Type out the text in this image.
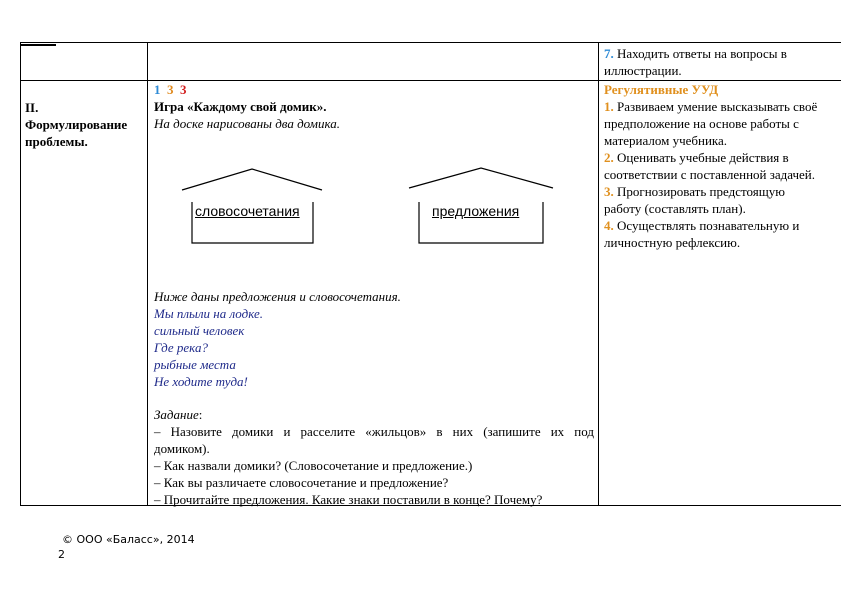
7. Находить ответы на вопросы в
иллюстрации.
II.
Формулирование
проблемы.
1 3 3
Игра «Каждому свой домик».
На доске нарисованы два домика.
словосочетания	предложения
Ниже даны предложения и словосочетания.
Мы плыли на лодке.
сильный человек
Где река?
рыбные места
Не ходите туда!
Задание:
– Назовите домики и расселите «жильцов» в них (запишите их под
домиком).
– Как назвали домики? (Словосочетание и предложение.)
– Как вы различаете словосочетание и предложение?
– Прочитайте предложения. Какие знаки поставили в конце? Почему?
Регулятивные УУД
1. Развиваем умение высказывать своё
предположение на основе работы с
материалом учебника.
2. Оценивать учебные действия в
соответствии с поставленной задачей.
3. Прогнозировать предстоящую
работу (составлять план).
4. Осуществлять познавательную и
личностную рефлексию.
© ООО «Баласс», 2014
2
